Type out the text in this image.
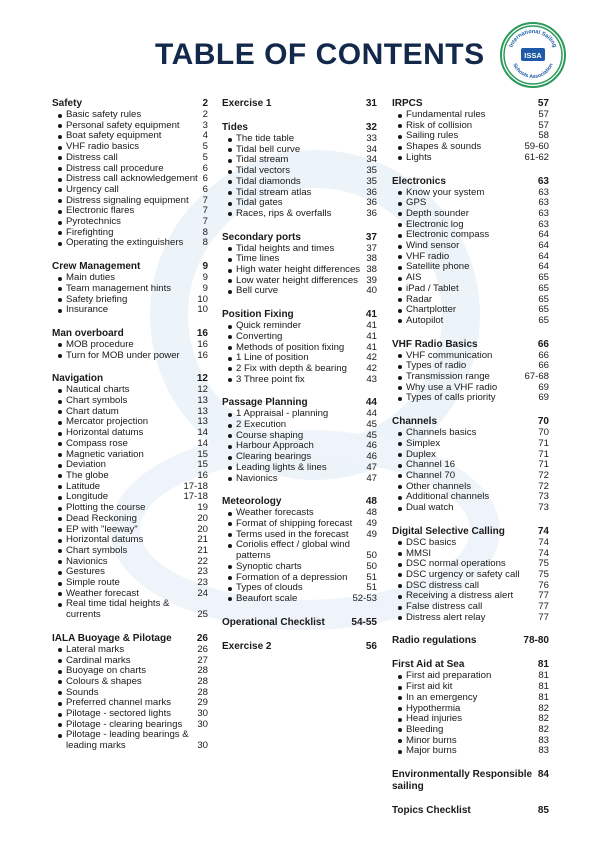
TABLE OF CONTENTS	International Sailing
Schools Association
ISSA
Safety	2
Basic safety rules	2
Personal safety equipment 3
Boat safety equipment	4
VHF radio basics	5
Distress call	5
Distress call procedure	6
Distress call acknowledgement 6
Urgency call	6
Distress signaling equipment 7
Electronic flares	7
Pyrotechnics	7
Firefighting	8
Operating the extinguishers 8
Crew Management	9
Main duties	9
Team management hints	9
Safety briefing	10
Insurance	10
Man overboard	16
MOB procedure	16
Turn for MOB under power 16
Navigation	12
Nautical charts	12
Chart symbols	13
Chart datum	13
Mercator projection	13
Horizontal datums	14
Compass rose	14
Magnetic variation	15
Deviation	15
The globe	16
Latitude	17-18
Longitude	17-18
Plotting the course	19
Dead Reckoning	20
EP with "leeway"	20
Horizontal datums	21
Chart symbols	21
Navionics	22
Gestures	23
Simple route	23
Weather forecast	24
Real time tidal heights & currents	25
IALA Buoyage & Pilotage	26
Lateral marks	26
Cardinal marks	27
Buoyage on charts	28
Colours & shapes	28
Sounds	28
Preferred channel marks	29
Pilotage - sectored lights	30
Pilotage - clearing bearings 30
Pilotage - leading bearings & leading marks	30
Exercise 1	31
Tides	32
The tide table	33
Tidal bell curve	34
Tidal stream	34
Tidal vectors	35
Tidal diamonds	35
Tidal stream atlas	36
Tidal gates	36
Races, rips & overfalls	36
Secondary ports	37
Tidal heights and times	37
Time lines	38
High water height differences 38
Low water height differences 39
Bell curve	40
Position Fixing	41
Quick reminder	41
Converting	41
Methods of position fixing 41
1 Line of position	42
2 Fix with depth & bearing 42
3 Three point fix	43
Passage Planning	44
1 Appraisal - planning	44
2 Execution	45
Course shaping	45
Harbour Approach	46
Clearing bearings	46
Leading lights & lines	47
Navionics	47
Meteorology	48
Weather forecasts	48
Format of shipping forecast 49
Terms used in the forecast 49
Coriolis effect / global wind patterns	50
Synoptic charts	50
Formation of a depression 51
Types of clouds	51
Beaufort scale	52-53
Operational Checklist	54-55
Exercise 2	56
IRPCS	57
Fundamental rules	57
Risk of collision	57
Sailing rules	58
Shapes & sounds	59-60
Lights	61-62
Electronics	63
Know your system	63
GPS	63
Depth sounder	63
Electronic log	63
Electronic compass	64
Wind sensor	64
VHF radio	64
Satellite phone	64
AIS	65
iPad / Tablet	65
Radar	65
Chartplotter	65
Autopilot	65
VHF Radio Basics	66
VHF communication	66
Types of radio	66
Transmission range	67-68
Why use a VHF radio	69
Types of calls priority	69
Channels	70
Channels basics	70
Simplex	71
Duplex	71
Channel 16	71
Channel 70	72
Other channels	72
Additional channels	73
Dual watch	73
Digital Selective Calling	74
DSC basics	74
MMSI	74
DSC normal operations	75
DSC urgency or safety call 75
DSC distress call	76
Receiving a distress alert	77
False distress call	77
Distress alert relay	77
Radio regulations	78-80
First Aid at Sea	81
First aid preparation	81
First aid kit	81
In an emergency	81
Hypothermia	82
Head injuries	82
Bleeding	82
Minor burns	83
Major burns	83
Environmentally Responsible sailing
84
Topics Checklist	85
